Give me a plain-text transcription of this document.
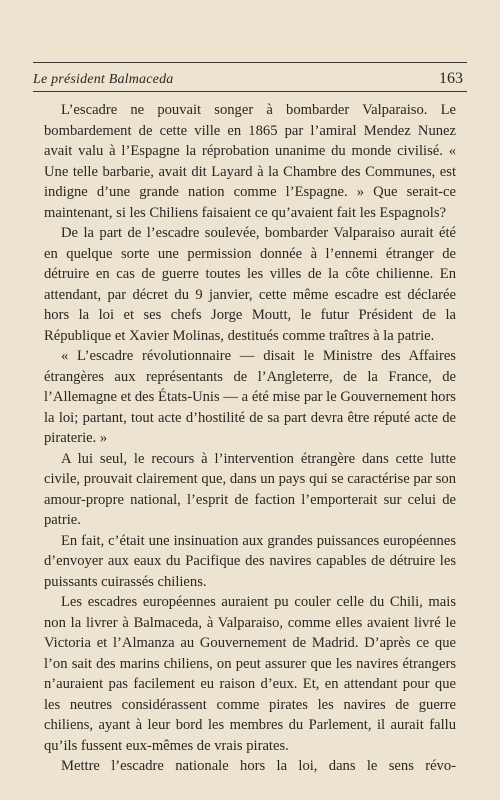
Le président Balmaceda	163

L’escadre ne pouvait songer à bombarder Valparaiso. Le bombardement de cette ville en 1865 par l’amiral Mendez Nunez avait valu à l’Espagne la réprobation unanime du monde civilisé. « Une telle barbarie, avait dit Layard à la Chambre des Communes, est indigne d’une grande nation comme l’Espagne. » Que serait-ce maintenant, si les Chiliens faisaient ce qu’avaient fait les Espagnols?

De la part de l’escadre soulevée, bombarder Valparaiso aurait été en quelque sorte une permission donnée à l’ennemi étranger de détruire en cas de guerre toutes les villes de la côte chilienne. En attendant, par décret du 9 janvier, cette même escadre est déclarée hors la loi et ses chefs Jorge Moutt, le futur Président de la République et Xavier Molinas, destitués comme traîtres à la patrie.

« L’escadre révolutionnaire — disait le Ministre des Affaires étrangères aux représentants de l’Angleterre, de la France, de l’Allemagne et des États-Unis — a été mise par le Gouvernement hors la loi; partant, tout acte d’hostilité de sa part devra être réputé acte de piraterie. »

A lui seul, le recours à l’intervention étrangère dans cette lutte civile, prouvait clairement que, dans un pays qui se caractérise par son amour-propre national, l’esprit de faction l’emporterait sur celui de patrie.

En fait, c’était une insinuation aux grandes puissances européennes d’envoyer aux eaux du Pacifique des navires capables de détruire les puissants cuirassés chiliens.

Les escadres européennes auraient pu couler celle du Chili, mais non la livrer à Balmaceda, à Valparaiso, comme elles avaient livré le Victoria et l’Almanza au Gouvernement de Madrid. D’après ce que l’on sait des marins chiliens, on peut assurer que les navires étrangers n’auraient pas facilement eu raison d’eux. Et, en attendant pour que les neutres considérassent comme pirates les navires de guerre chiliens, ayant à leur bord les membres du Parlement, il aurait fallu qu’ils fussent eux-mêmes de vrais pirates.

Mettre l’escadre nationale hors la loi, dans le sens révo-
